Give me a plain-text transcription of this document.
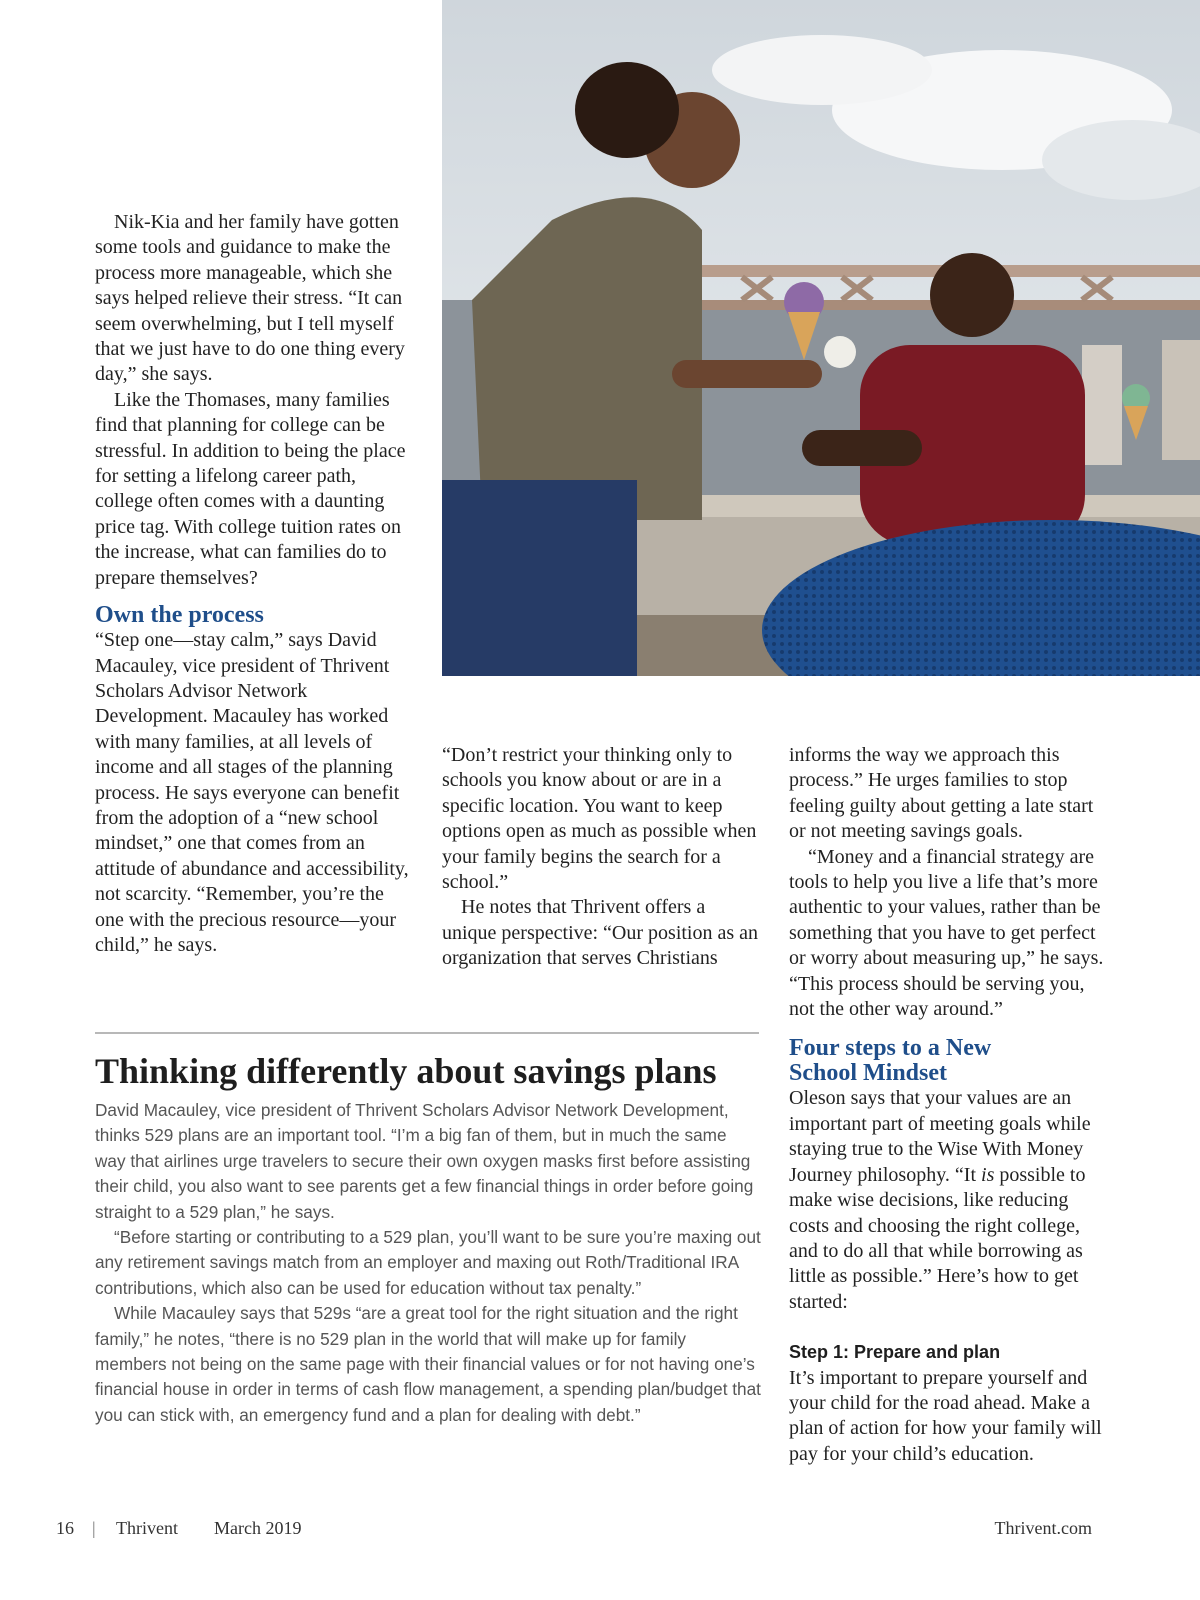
Nik-Kia and her family have gotten some tools and guidance to make the process more manageable, which she says helped relieve their stress. “It can seem overwhelming, but I tell myself that we just have to do one thing every day,” she says.

Like the Thomases, many families find that planning for college can be stressful. In addition to being the place for setting a lifelong career path, college often comes with a daunting price tag. With college tuition rates on the increase, what can families do to prepare themselves?

Own the process

“Step one—stay calm,” says David Macauley, vice president of Thrivent Scholars Advisor Network Development. Macauley has worked with many families, at all levels of income and all stages of the planning process. He says everyone can benefit from the adoption of a “new school mindset,” one that comes from an attitude of abundance and accessibility, not scarcity. “Remember, you’re the one with the precious resource—your child,” he says.

“Don’t restrict your thinking only to schools you know about or are in a specific location. You want to keep options open as much as possible when your family begins the search for a school.”

He notes that Thrivent offers a unique perspective: “Our position as an organization that serves Christians

informs the way we approach this process.” He urges families to stop feeling guilty about getting a late start or not meeting savings goals.

“Money and a financial strategy are tools to help you live a life that’s more authentic to your values, rather than be something that you have to get perfect or worry about measuring up,” he says. “This process should be serving you, not the other way around.”

Four steps to a New
School Mindset

Oleson says that your values are an important part of meeting goals while staying true to the Wise With Money Journey philosophy. “It is possible to make wise decisions, like reducing costs and choosing the right college, and to do all that while borrowing as little as possible.” Here’s how to get started:

Step 1: Prepare and plan

It’s important to prepare yourself and your child for the road ahead. Make a plan of action for how your family will pay for your child’s education.

Thinking differently about savings plans

David Macauley, vice president of Thrivent Scholars Advisor Network Development, thinks 529 plans are an important tool. “I’m a big fan of them, but in much the same way that airlines urge travelers to secure their own oxygen masks first before assisting their child, you also want to see parents get a few financial things in order before going straight to a 529 plan,” he says.

“Before starting or contributing to a 529 plan, you’ll want to be sure you’re maxing out any retirement savings match from an employer and maxing out Roth/Traditional IRA contributions, which also can be used for education without tax penalty.”

While Macauley says that 529s “are a great tool for the right situation and the right family,” he notes, “there is no 529 plan in the world that will make up for family members not being on the same page with their financial values or for not having one’s financial house in order in terms of cash flow management, a spending plan/budget that you can stick with, an emergency fund and a plan for dealing with debt.”

16 | Thrivent March 2019	Thrivent.com
